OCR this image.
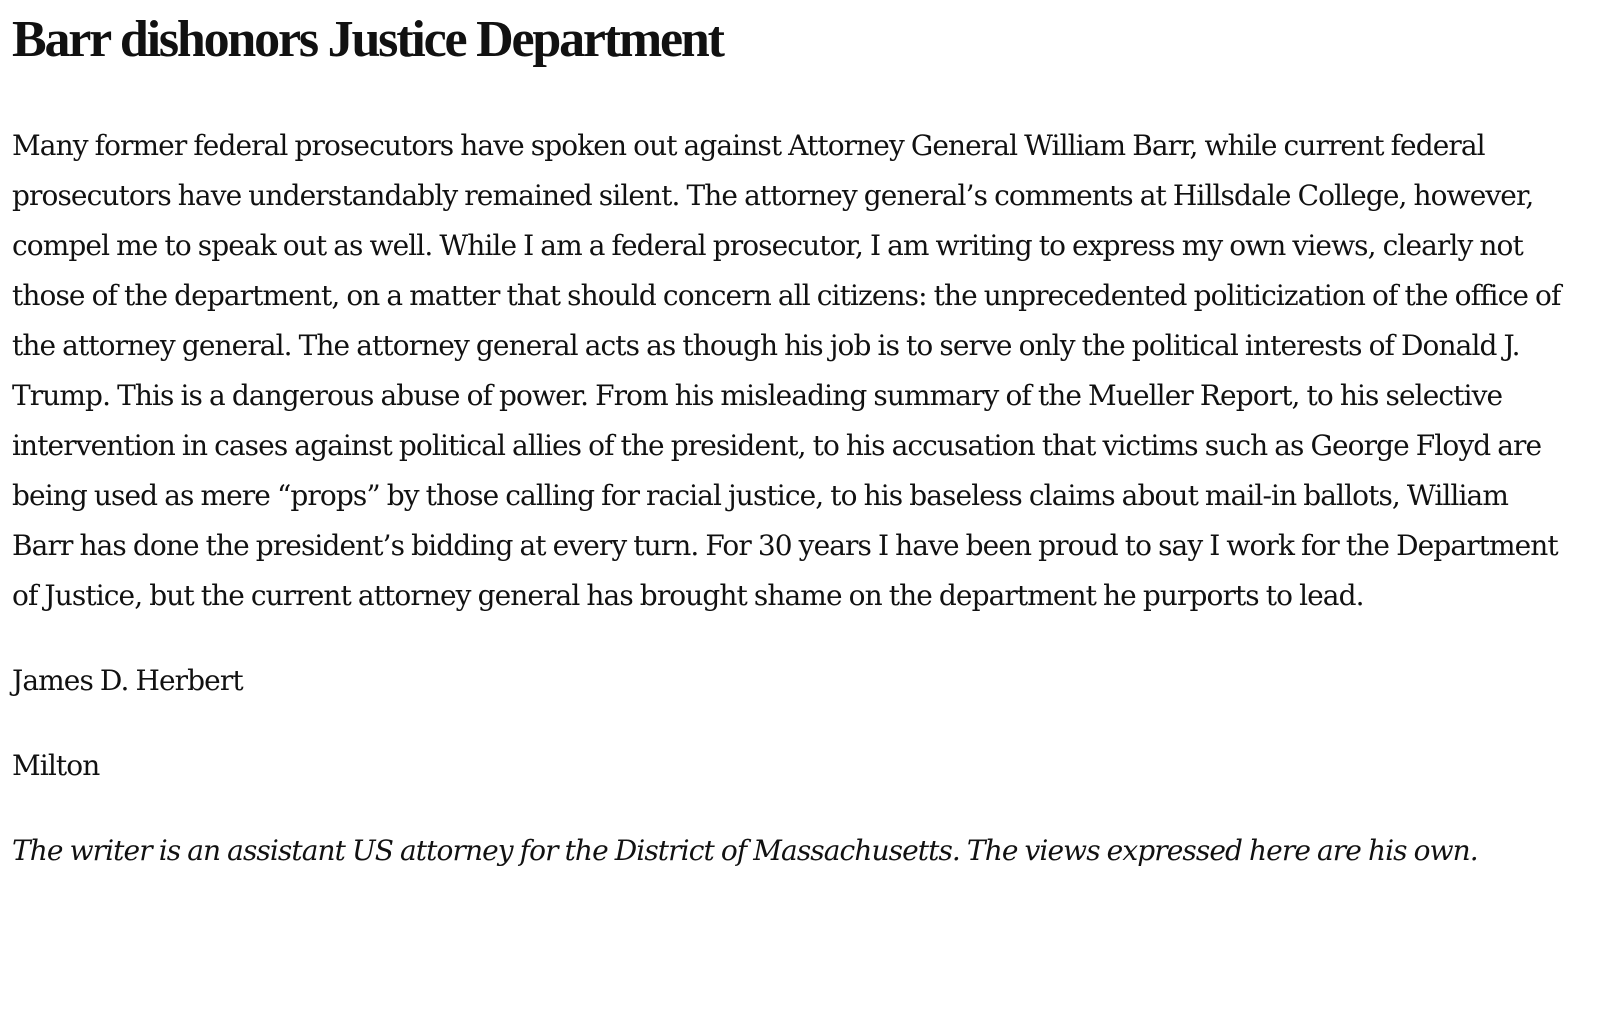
Barr dishonors Justice Department

Many former federal prosecutors have spoken out against Attorney General William Barr, while current federal prosecutors have understandably remained silent. The attorney general’s comments at Hillsdale College, however, compel me to speak out as well. While I am a federal prosecutor, I am writing to express my own views, clearly not those of the department, on a matter that should concern all citizens: the unprecedented politicization of the office of the attorney general. The attorney general acts as though his job is to serve only the political interests of Donald J. Trump. This is a dangerous abuse of power. From his misleading summary of the Mueller Report, to his selective intervention in cases against political allies of the president, to his accusation that victims such as George Floyd are being used as mere “props” by those calling for racial justice, to his baseless claims about mail-in ballots, William Barr has done the president’s bidding at every turn. For 30 years I have been proud to say I work for the Department of Justice, but the current attorney general has brought shame on the department he purports to lead.

James D. Herbert

Milton

The writer is an assistant US attorney for the District of Massachusetts. The views expressed here are his own.
